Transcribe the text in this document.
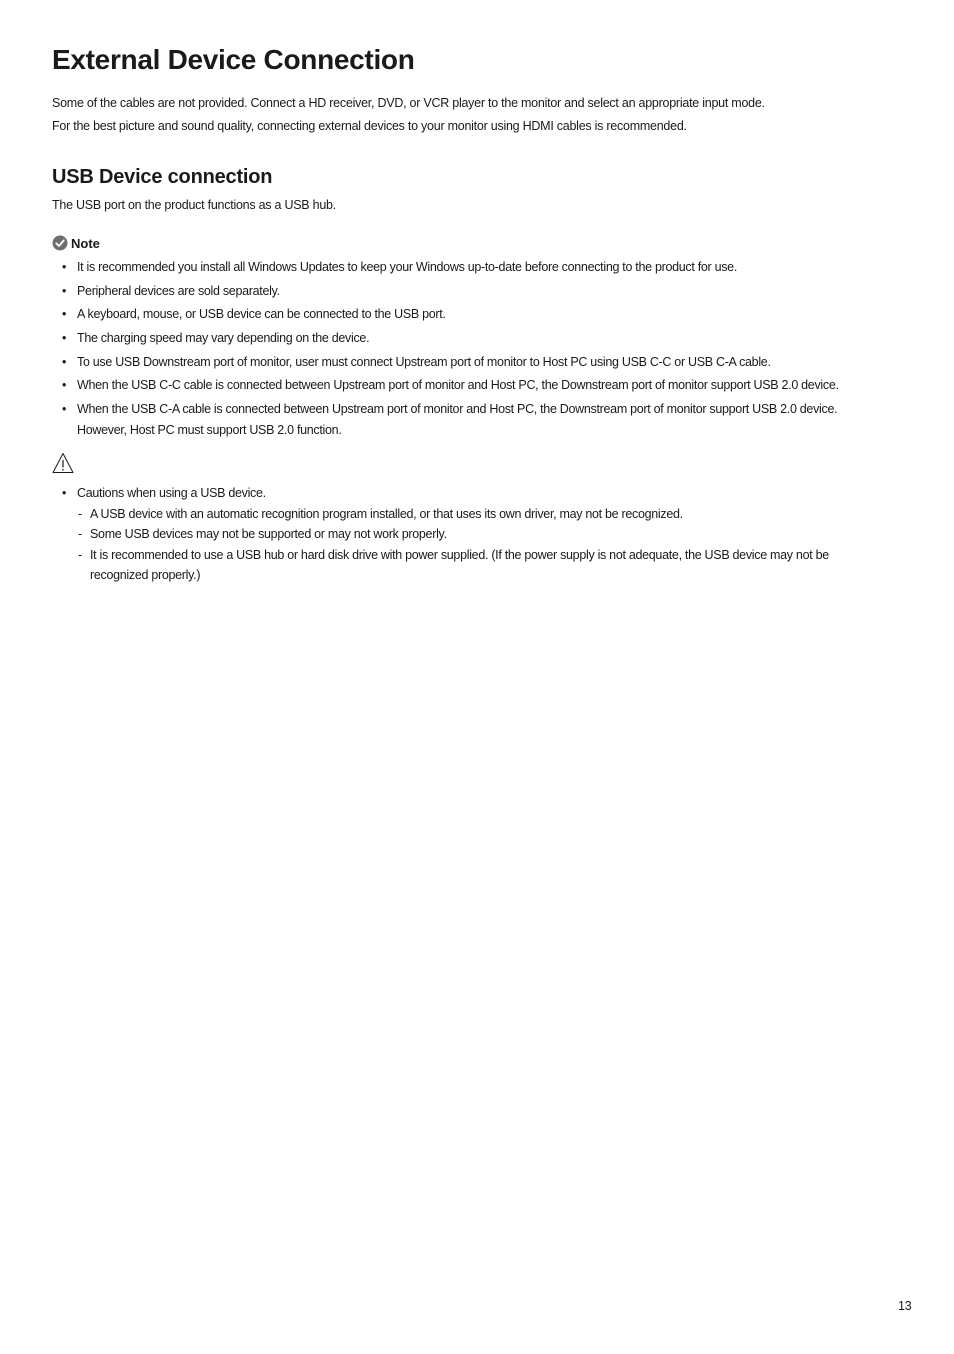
External Device Connection

Some of the cables are not provided. Connect a HD receiver, DVD, or VCR player to the monitor and select an appropriate input mode.

For the best picture and sound quality, connecting external devices to your monitor using HDMI cables is recommended.

USB Device connection

The USB port on the product functions as a USB hub.

Note
• It is recommended you install all Windows Updates to keep your Windows up-to-date before connecting to the product for use.
• Peripheral devices are sold separately.
• A keyboard, mouse, or USB device can be connected to the USB port.
• The charging speed may vary depending on the device.
• To use USB Downstream port of monitor, user must connect Upstream port of monitor to Host PC using USB C-C or USB C-A cable.
• When the USB C-C cable is connected between Upstream port of monitor and Host PC, the Downstream port of monitor support USB 2.0 device.
• When the USB C-A cable is connected between Upstream port of monitor and Host PC, the Downstream port of monitor support USB 2.0 device. However, Host PC must support USB 2.0 function.

• Cautions when using a USB device.

- A USB device with an automatic recognition program installed, or that uses its own driver, may not be recognized.
- Some USB devices may not be supported or may not work properly.
- It is recommended to use a USB hub or hard disk drive with power supplied. (If the power supply is not adequate, the USB device may not be recognized properly.)
13
